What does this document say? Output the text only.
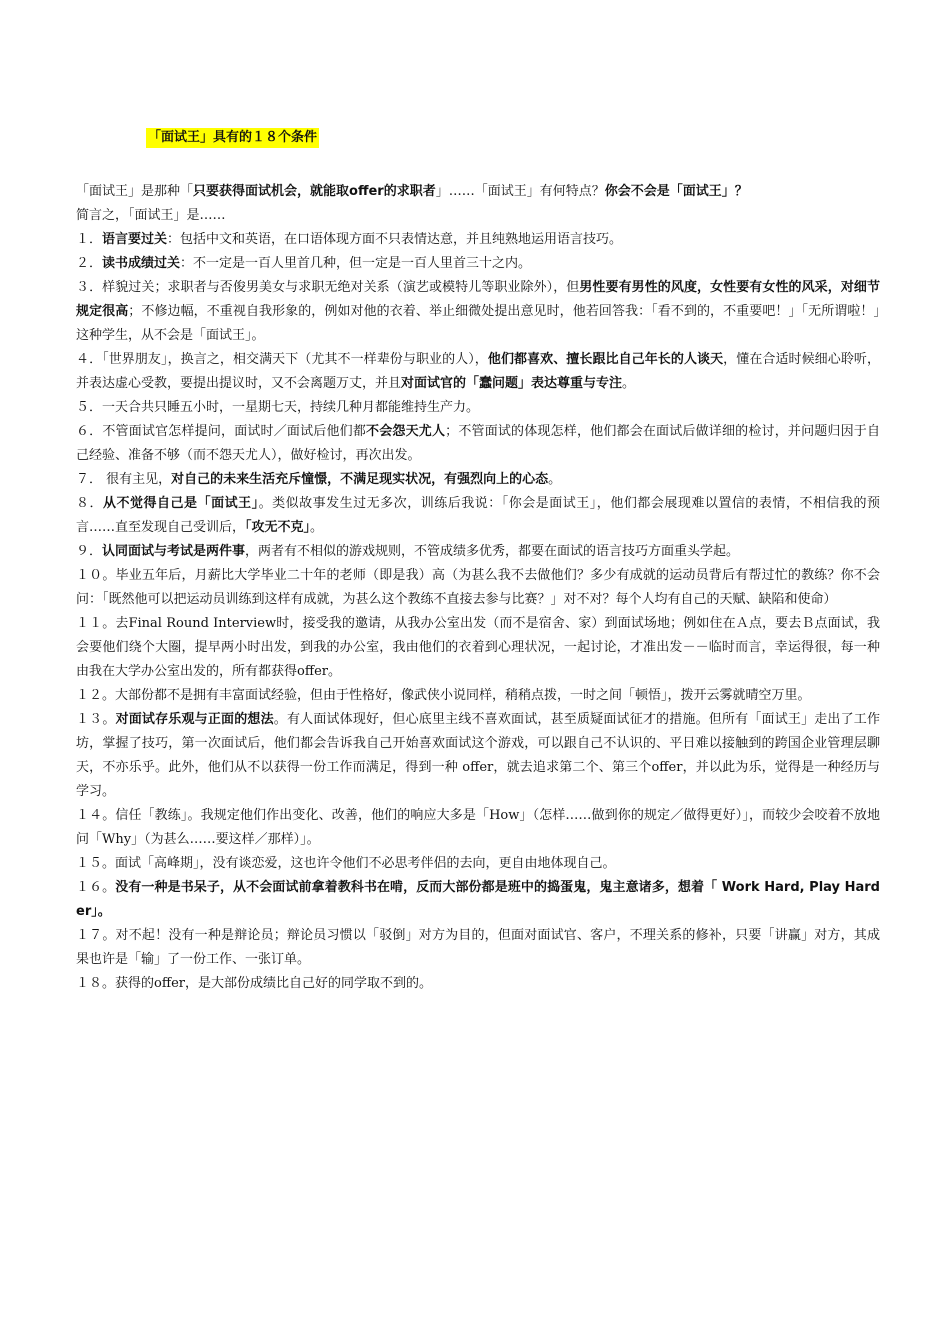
「面试王」具有的１８个条件

「面试王」是那种「只要获得面试机会，就能取offer的求职者」……「面试王」有何特点？你会不会是「面试王」？

简言之，「面试王」是……

１．语言要过关：包括中文和英语，在口语体现方面不只表情达意，并且纯熟地运用语言技巧。

２．读书成绩过关：不一定是一百人里首几种，但一定是一百人里首三十之内。

３．样貌过关；求职者与否俊男美女与求职无绝对关系（演艺或模特儿等职业除外），但男性要有男性的风度，女性要有女性的风采，对细节规定很高；不修边幅，不重视自我形象的，例如对他的衣着、举止细微处提出意见时，他若回答我：「看不到的，不重要吧！」「无所谓啦！」这种学生，从不会是「面试王」。

４．「世界朋友」，换言之，相交满天下（尤其不一样辈份与职业的人），他们都喜欢、擅长跟比自己年长的人谈天，懂在合适时候细心聆听，并表达虚心受教，要提出提议时，又不会离题万丈，并且对面试官的「蠢问题」表达尊重与专注。

５．一天合共只睡五小时，一星期七天，持续几种月都能维持生产力。

６．不管面试官怎样提问，面试时／面试后他们都不会怨天尤人；不管面试的体现怎样，他们都会在面试后做详细的检讨，并问题归因于自己经验、准备不够（而不怨天尤人），做好检讨，再次出发。

７． 很有主见，对自己的未来生活充斥憧憬，不满足现实状况，有强烈向上的心态。

８．从不觉得自己是「面试王」。类似故事发生过无多次，训练后我说：「你会是面试王」，他们都会展现难以置信的表情，不相信我的预言……直至发现自己受训后，「攻无不克」。

９．认同面试与考试是两件事，两者有不相似的游戏规则，不管成绩多优秀，都要在面试的语言技巧方面重头学起。

１０。毕业五年后，月薪比大学毕业二十年的老师（即是我）高（为甚么我不去做他们？多少有成就的运动员背后有帮过忙的教练？你不会问：「既然他可以把运动员训练到这样有成就，为甚么这个教练不直接去参与比赛？」对不对？每个人均有自己的天赋、缺陷和使命）

１１。去Final Round Interview时，接受我的邀请，从我办公室出发（而不是宿舍、家）到面试场地；例如住在Ａ点，要去Ｂ点面试，我会要他们绕个大圈，提早两小时出发，到我的办公室，我由他们的衣着到心理状况，一起讨论，才准出发－－临时而言，幸运得很，每一种由我在大学办公室出发的，所有都获得offer。

１２。大部份都不是拥有丰富面试经验，但由于性格好，像武侠小说同样，稍稍点拨，一时之间「顿悟」，拨开云雾就晴空万里。

１３。对面试存乐观与正面的想法。有人面试体现好，但心底里主线不喜欢面试，甚至质疑面试征才的措施。但所有「面试王」走出了工作坊，掌握了技巧，第一次面试后，他们都会告诉我自己开始喜欢面试这个游戏，可以跟自己不认识的、平日难以接触到的跨国企业管理层聊天，不亦乐乎。此外，他们从不以获得一份工作而满足，得到一种 offer，就去追求第二个、第三个offer，并以此为乐，觉得是一种经历与学习。

１４。信任「教练」。我规定他们作出变化、改善，他们的响应大多是「How」（怎样……做到你的规定／做得更好）」，而较少会咬着不放地问「Why」（为甚么……要这样／那样）」。

１５。面试「高峰期」，没有谈恋爱，这也许令他们不必思考伴侣的去向，更自由地体现自己。

１６。没有一种是书呆子，从不会面试前拿着教科书在啃，反而大部份都是班中的捣蛋鬼，鬼主意诸多，想着「 Work Hard, Play Harder」。

１７。对不起！没有一种是辩论员；辩论员习惯以「驳倒」对方为目的，但面对面试官、客户，不理关系的修补，只要「讲赢」对方，其成果也许是「输」了一份工作、一张订单。

１８。获得的offer，是大部份成绩比自己好的同学取不到的。
